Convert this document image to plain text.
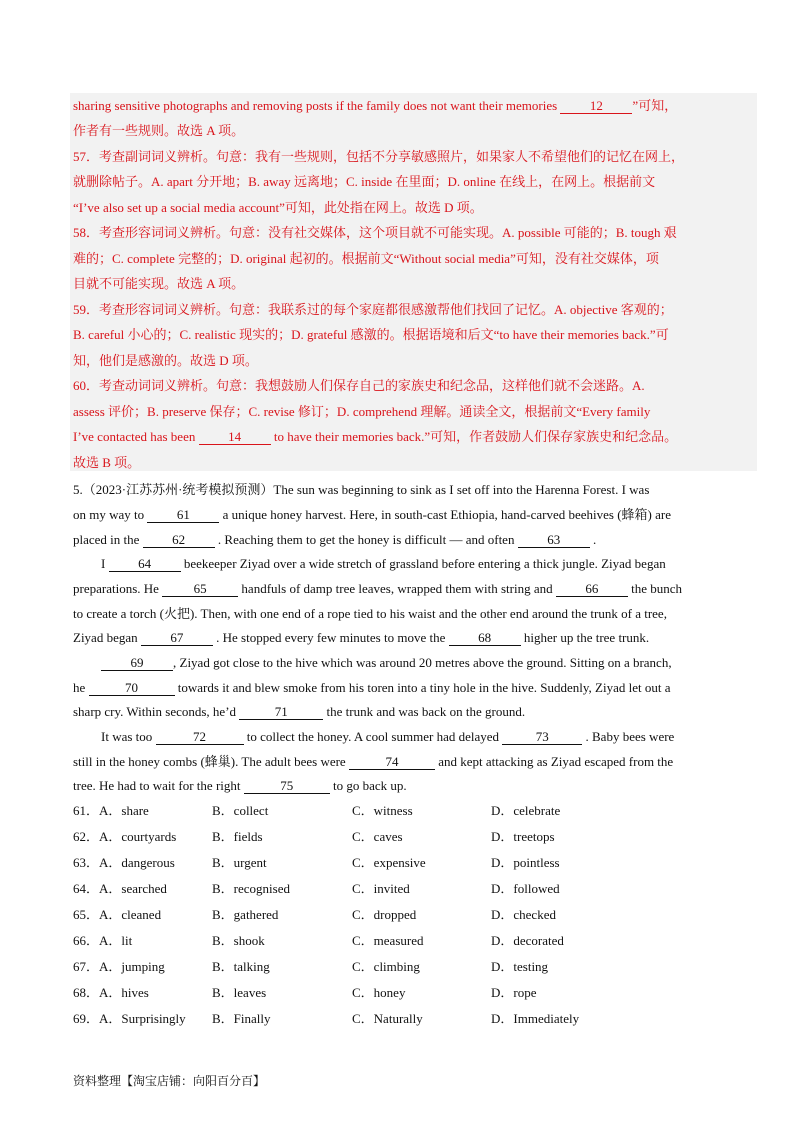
sharing sensitive photographs and removing posts if the family does not want their memories 12 ”可知，
作者有一些规则。故选 A 项。
57．考查副词词义辨析。句意：我有一些规则，包括不分享敏感照片，如果家人不希望他们的记忆在网上，
就删除帖子。A. apart 分开地；B. away 远离地；C. inside 在里面；D. online 在线上，在网上。根据前文
“I’ve also set up a social media account”可知，此处指在网上。故选 D 项。
58．考查形容词词义辨析。句意：没有社交媒体，这个项目就不可能实现。A. possible 可能的；B. tough 艰
难的；C. complete 完整的；D. original 起初的。根据前文“Without social media”可知，没有社交媒体，项
目就不可能实现。故选 A 项。
59．考查形容词词义辨析。句意：我联系过的每个家庭都很感激帮他们找回了记忆。A. objective 客观的；
B. careful 小心的；C. realistic 现实的；D. grateful 感激的。根据语境和后文“to have their memories back.”可
知，他们是感激的。故选 D 项。
60．考查动词词义辨析。句意：我想鼓励人们保存自己的家族史和纪念品，这样他们就不会迷路。A.
assess 评价；B. preserve 保存；C. revise 修订；D. comprehend 理解。通读全文，根据前文“Every family
I’ve contacted has been 14 to have their memories back.”可知，作者鼓励人们保存家族史和纪念品。
故选 B 项。
5.（2023·江苏苏州·统考模拟预测）The sun was beginning to sink as I set off into the Harenna Forest. I was
on my way to 61 a unique honey harvest. Here, in south-cast Ethiopia, hand-carved beehives (蜂箱) are
placed in the 62 . Reaching them to get the honey is difficult — and often 63 .
I 64 beekeeper Ziyad over a wide stretch of grassland before entering a thick jungle. Ziyad began
preparations. He 65 handfuls of damp tree leaves, wrapped them with string and 66 the bunch
to create a torch (火把). Then, with one end of a rope tied to his waist and the other end around the trunk of a tree,
Ziyad began 67 . He stopped every few minutes to move the 68 higher up the tree trunk.
69 , Ziyad got close to the hive which was around 20 metres above the ground. Sitting on a branch,
he	70	towards it and blew smoke from his toren into a tiny hole in the hive. Suddenly, Ziyad let out a
sharp cry. Within seconds, he’d	71	the trunk and was back on the ground.
It was too	72	to collect the honey. A cool summer had delayed	73	. Baby bees were
still in the honey combs (蜂巢). The adult bees were	74	and kept attacking as Ziyad escaped from the
tree. He had to wait for the right	75	to go back up.
61．A．share	B．collect	C．witness	D．celebrate
62．A．courtyards	B．fields	C．caves	D．treetops
63．A．dangerous	B．urgent	C．expensive	D．pointless
64．A．searched	B．recognised	C．invited	D．followed
65．A．cleaned	B．gathered	C．dropped	D．checked
66．A．lit	B．shook	C．measured	D．decorated
67．A．jumping	B．talking	C．climbing	D．testing
68．A．hives	B．leaves	C．honey	D．rope
69．A．Surprisingly B．Finally	C．Naturally	D．Immediately
资料整理【淘宝店铺：向阳百分百】
